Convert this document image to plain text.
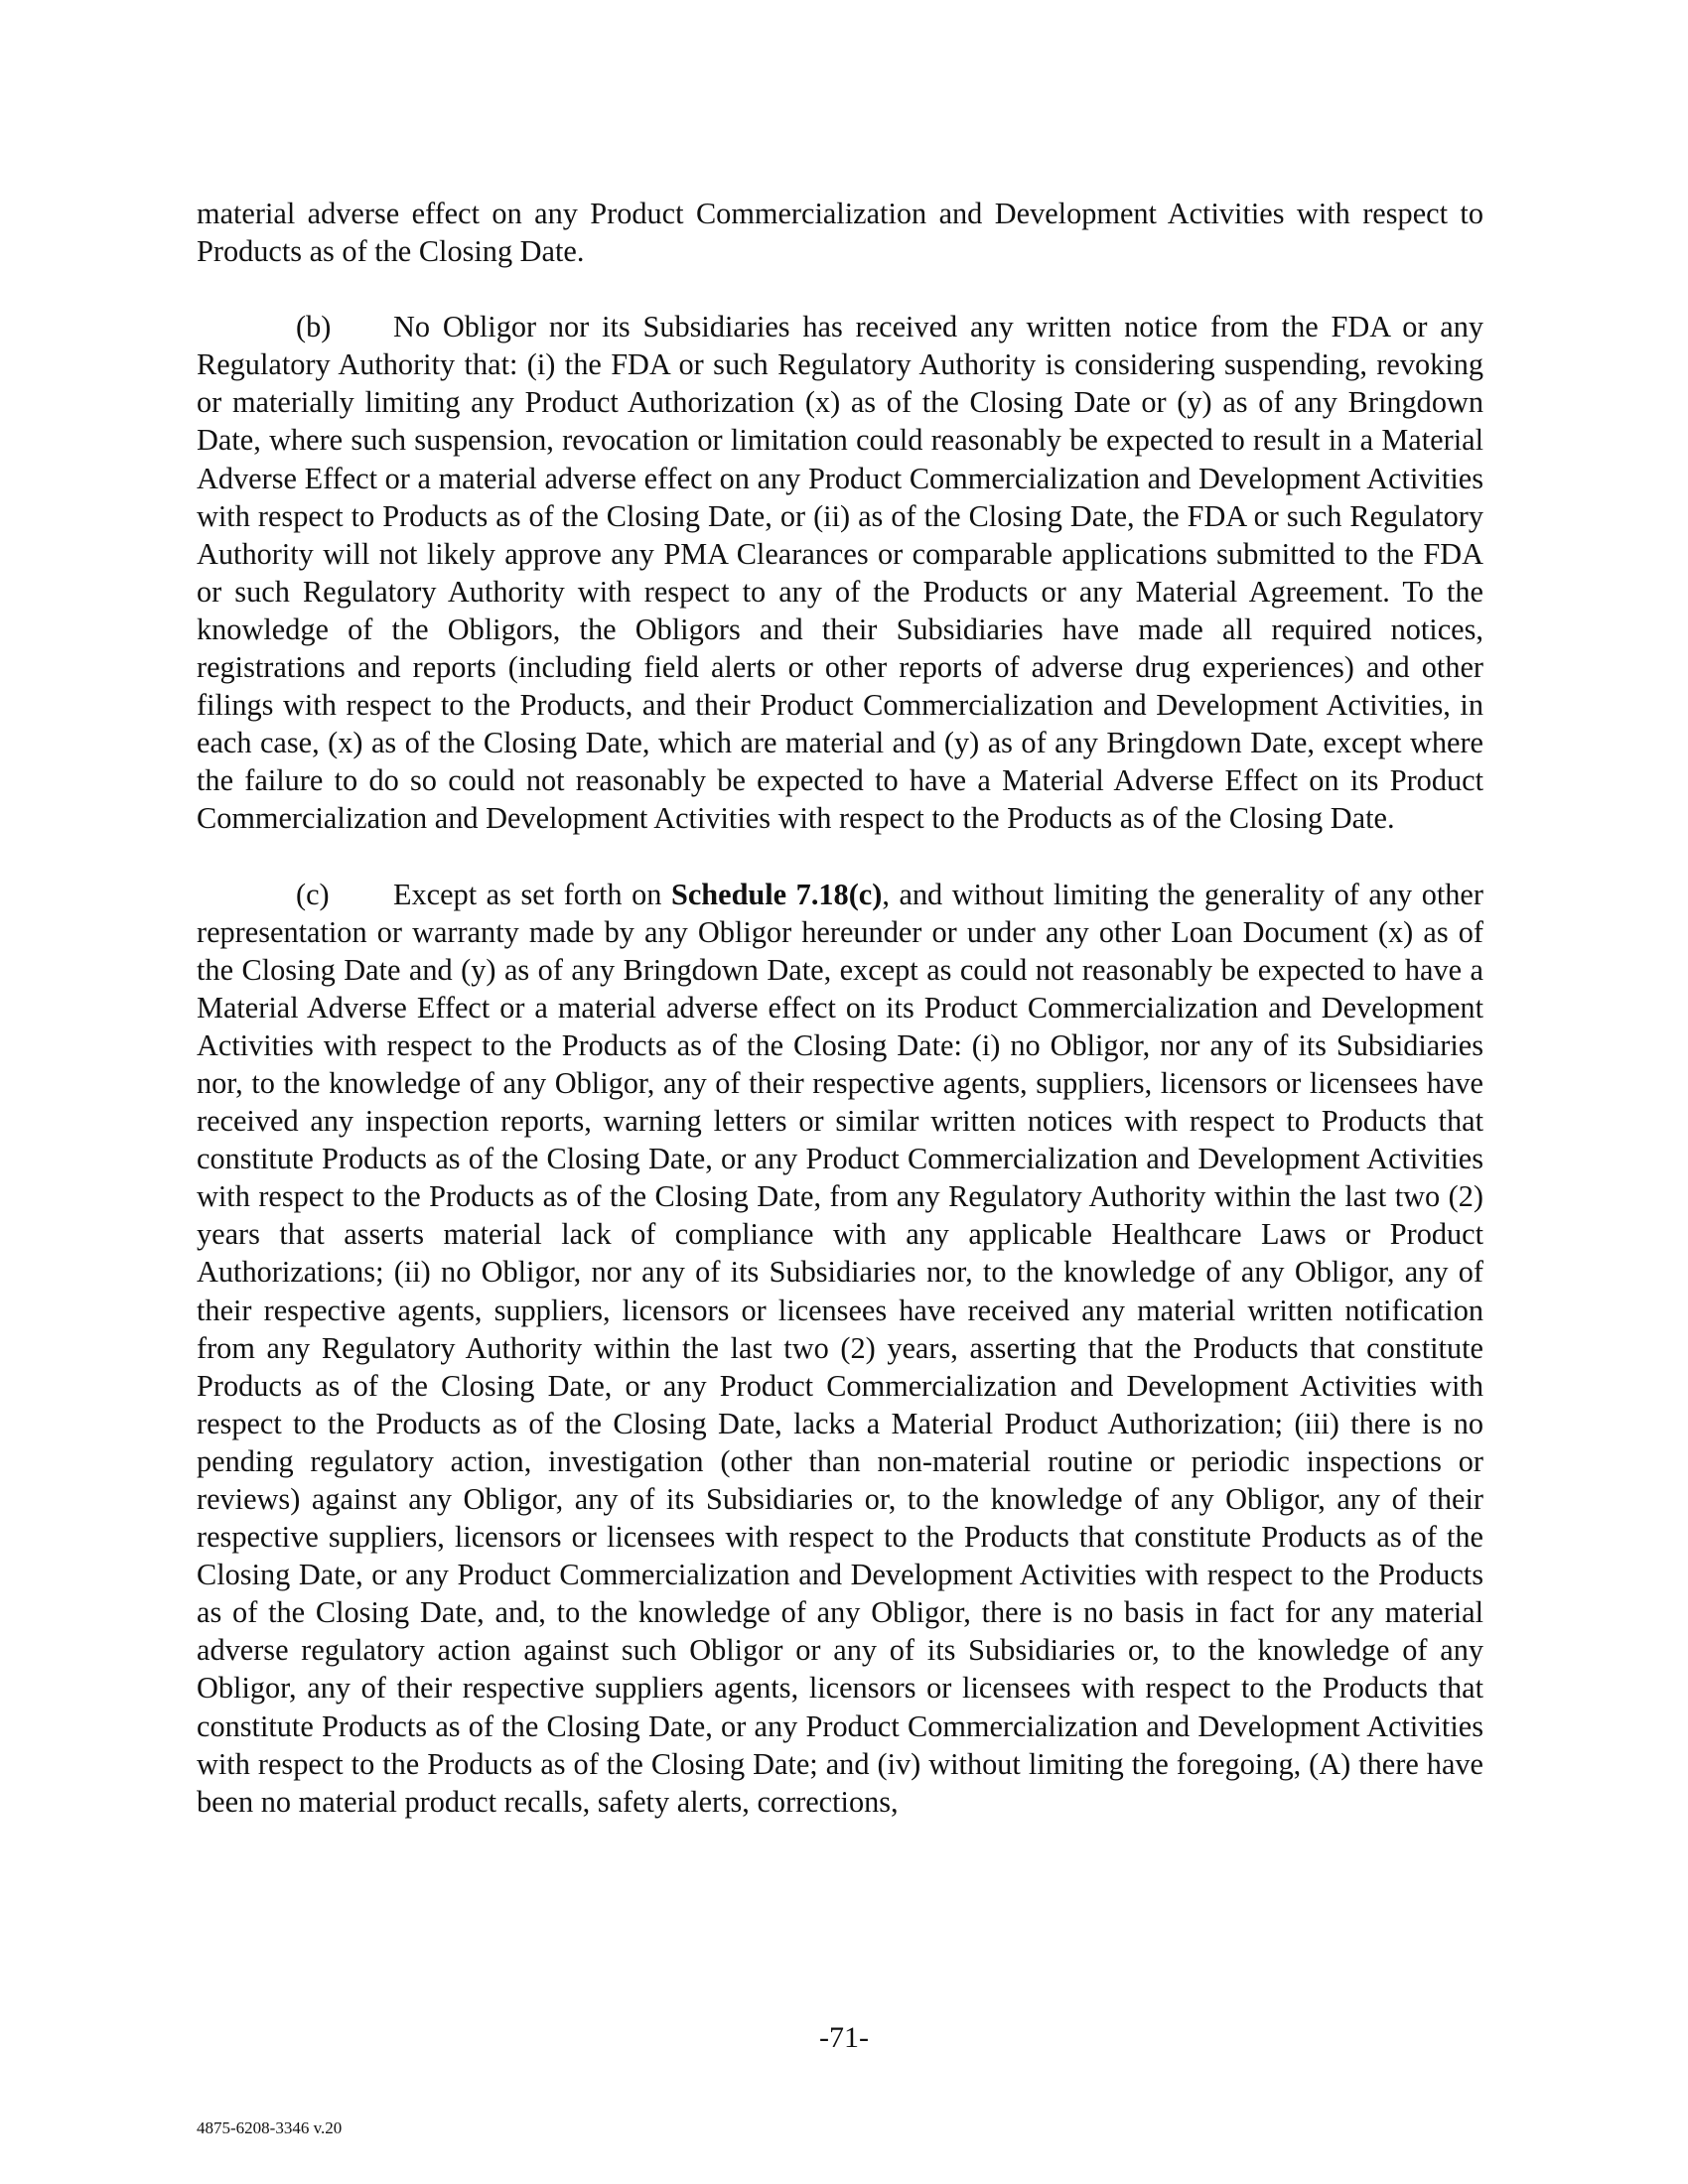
material adverse effect on any Product Commercialization and Development Activities with respect to Products as of the Closing Date.

(b) No Obligor nor its Subsidiaries has received any written notice from the FDA or any Regulatory Authority that: (i) the FDA or such Regulatory Authority is considering suspending, revoking or materially limiting any Product Authorization (x) as of the Closing Date or (y) as of any Bringdown Date, where such suspension, revocation or limitation could reasonably be expected to result in a Material Adverse Effect or a material adverse effect on any Product Commercialization and Development Activities with respect to Products as of the Closing Date, or (ii) as of the Closing Date, the FDA or such Regulatory Authority will not likely approve any PMA Clearances or comparable applications submitted to the FDA or such Regulatory Authority with respect to any of the Products or any Material Agreement. To the knowledge of the Obligors, the Obligors and their Subsidiaries have made all required notices, registrations and reports (including field alerts or other reports of adverse drug experiences) and other filings with respect to the Products, and their Product Commercialization and Development Activities, in each case, (x) as of the Closing Date, which are material and (y) as of any Bringdown Date, except where the failure to do so could not reasonably be expected to have a Material Adverse Effect on its Product Commercialization and Development Activities with respect to the Products as of the Closing Date.

(c) Except as set forth on Schedule 7.18(c), and without limiting the generality of any other representation or warranty made by any Obligor hereunder or under any other Loan Document (x) as of the Closing Date and (y) as of any Bringdown Date, except as could not reasonably be expected to have a Material Adverse Effect or a material adverse effect on its Product Commercialization and Development Activities with respect to the Products as of the Closing Date: (i) no Obligor, nor any of its Subsidiaries nor, to the knowledge of any Obligor, any of their respective agents, suppliers, licensors or licensees have received any inspection reports, warning letters or similar written notices with respect to Products that constitute Products as of the Closing Date, or any Product Commercialization and Development Activities with respect to the Products as of the Closing Date, from any Regulatory Authority within the last two (2) years that asserts material lack of compliance with any applicable Healthcare Laws or Product Authorizations; (ii) no Obligor, nor any of its Subsidiaries nor, to the knowledge of any Obligor, any of their respective agents, suppliers, licensors or licensees have received any material written notification from any Regulatory Authority within the last two (2) years, asserting that the Products that constitute Products as of the Closing Date, or any Product Commercialization and Development Activities with respect to the Products as of the Closing Date, lacks a Material Product Authorization; (iii) there is no pending regulatory action, investigation (other than non-material routine or periodic inspections or reviews) against any Obligor, any of its Subsidiaries or, to the knowledge of any Obligor, any of their respective suppliers, licensors or licensees with respect to the Products that constitute Products as of the Closing Date, or any Product Commercialization and Development Activities with respect to the Products as of the Closing Date, and, to the knowledge of any Obligor, there is no basis in fact for any material adverse regulatory action against such Obligor or any of its Subsidiaries or, to the knowledge of any Obligor, any of their respective suppliers agents, licensors or licensees with respect to the Products that constitute Products as of the Closing Date, or any Product Commercialization and Development Activities with respect to the Products as of the Closing Date; and (iv) without limiting the foregoing, (A) there have been no material product recalls, safety alerts, corrections,

-71-
4875-6208-3346 v.20
